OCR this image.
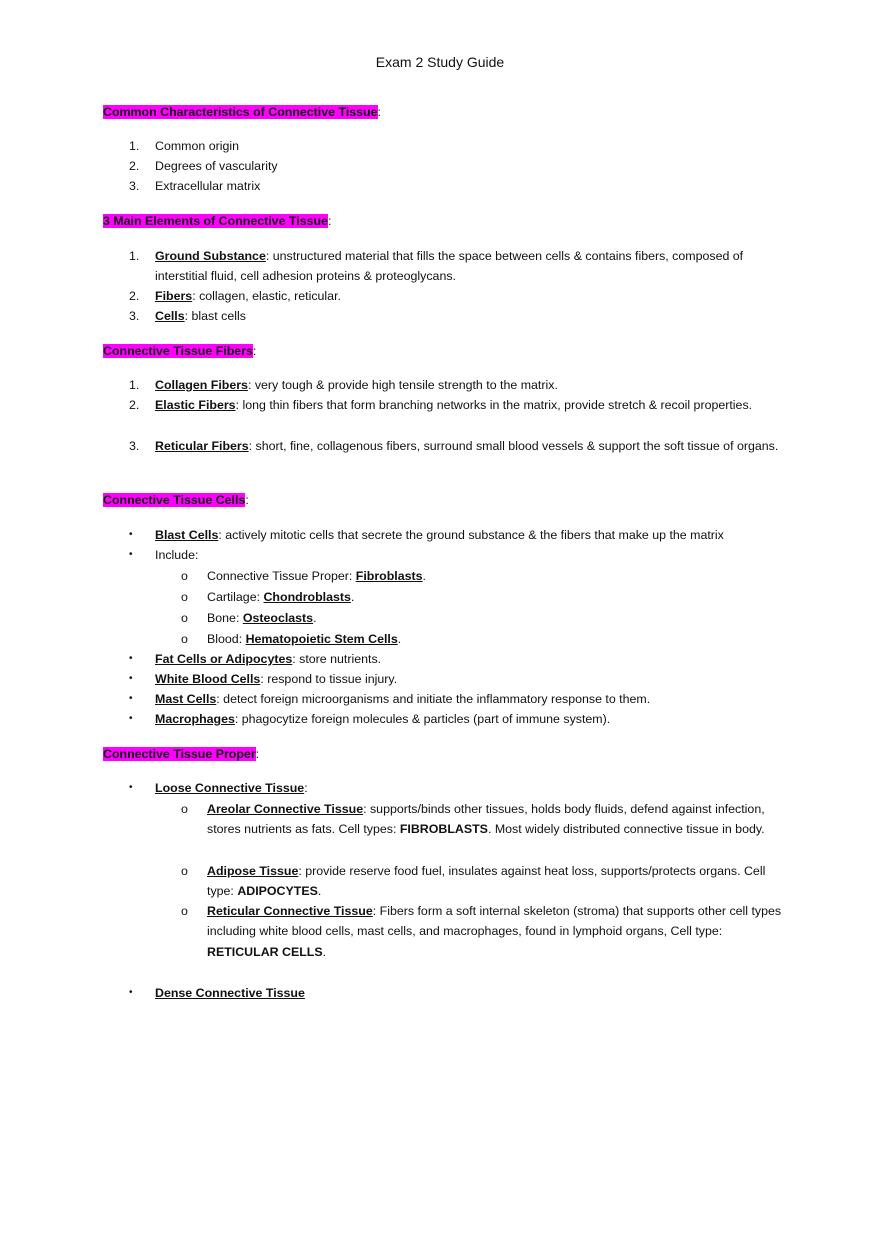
Exam 2 Study Guide
Common Characteristics of Connective Tissue:
1. Common origin
2. Degrees of vascularity
3. Extracellular matrix
3 Main Elements of Connective Tissue:
1. Ground Substance: unstructured material that fills the space between cells & contains fibers, composed of interstitial fluid, cell adhesion proteins & proteoglycans.
2. Fibers: collagen, elastic, reticular.
3. Cells: blast cells
Connective Tissue Fibers:
1. Collagen Fibers: very tough & provide high tensile strength to the matrix.
2. Elastic Fibers: long thin fibers that form branching networks in the matrix, provide stretch & recoil properties.
3. Reticular Fibers: short, fine, collagenous fibers, surround small blood vessels & support the soft tissue of organs.
Connective Tissue Cells:
• Blast Cells: actively mitotic cells that secrete the ground substance & the fibers that make up the matrix
• Include:
o Connective Tissue Proper: Fibroblasts.
o Cartilage: Chondroblasts.
o Bone: Osteoclasts.
o Blood: Hematopoietic Stem Cells.
• Fat Cells or Adipocytes: store nutrients.
• White Blood Cells: respond to tissue injury.
• Mast Cells: detect foreign microorganisms and initiate the inflammatory response to them.
• Macrophages: phagocytize foreign molecules & particles (part of immune system).
Connective Tissue Proper:
• Loose Connective Tissue:
o Areolar Connective Tissue: supports/binds other tissues, holds body fluids, defend against infection, stores nutrients as fats. Cell types: FIBROBLASTS. Most widely distributed connective tissue in body.
o Adipose Tissue: provide reserve food fuel, insulates against heat loss, supports/protects organs. Cell type: ADIPOCYTES.
o Reticular Connective Tissue: Fibers form a soft internal skeleton (stroma) that supports other cell types including white blood cells, mast cells, and macrophages, found in lymphoid organs, Cell type: RETICULAR CELLS.
• Dense Connective Tissue
